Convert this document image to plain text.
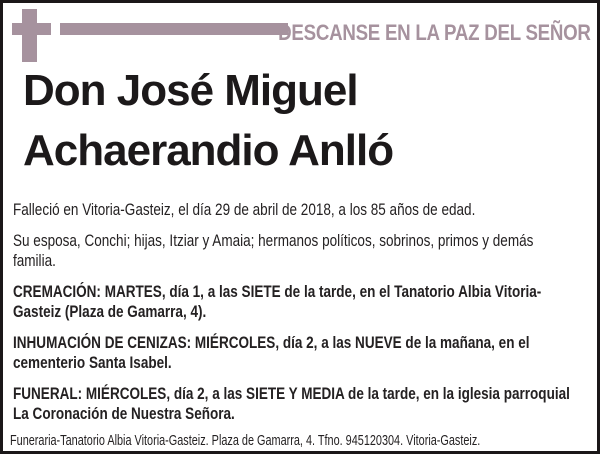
DESCANSE EN LA PAZ DEL SEÑOR
Don José Miguel Achaerandio Anlló

Falleció en Vitoria-Gasteiz, el día 29 de abril de 2018, a los 85 años de edad.

Su esposa, Conchi; hijas, Itziar y Amaia; hermanos políticos, sobrinos, primos y demás familia.

CREMACIÓN: MARTES, día 1, a las SIETE de la tarde, en el Tanatorio Albia Vitoria-Gasteiz (Plaza de Gamarra, 4).

INHUMACIÓN DE CENIZAS: MIÉRCOLES, día 2, a las NUEVE de la mañana, en el cementerio Santa Isabel.

FUNERAL: MIÉRCOLES, día 2, a las SIETE Y MEDIA de la tarde, en la iglesia parroquial La Coronación de Nuestra Señora.

Funeraria-Tanatorio Albia Vitoria-Gasteiz. Plaza de Gamarra, 4. Tfno. 945120304. Vitoria-Gasteiz.
